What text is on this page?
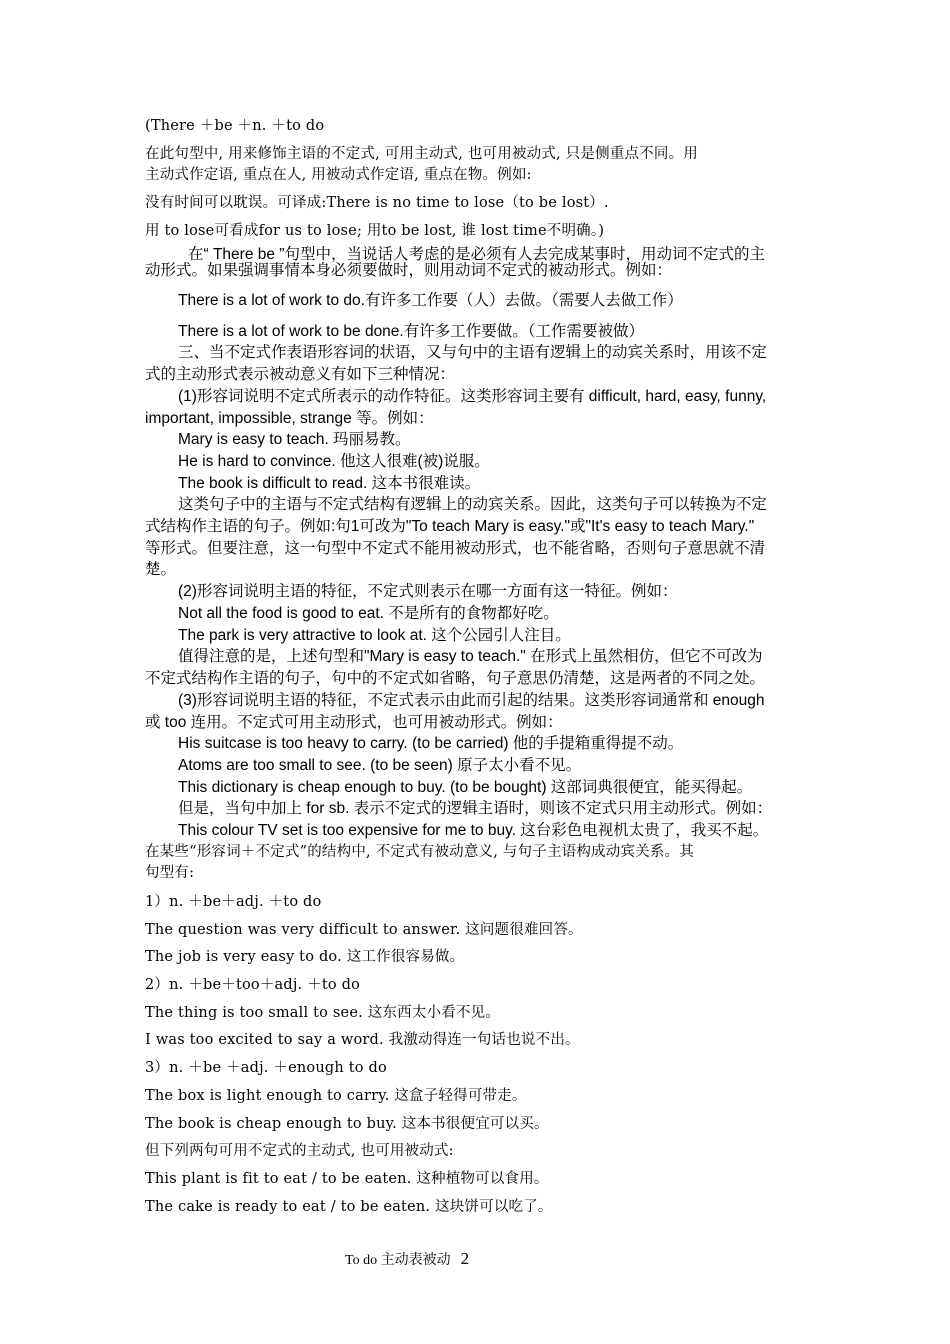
(There ＋be ＋n. ＋to do
在此句型中, 用来修饰主语的不定式, 可用主动式, 也可用被动式, 只是侧重点不同。用
主动式作定语, 重点在人, 用被动式作定语, 重点在物。例如:
没有时间可以耽误。可译成:There is no time to lose（to be lost）.
用 to lose可看成for us to lose; 用to be lost, 谁 lost time不明确。)
在“ There be ”句型中，当说话人考虑的是必须有人去完成某事时，用动词不定式的主
动形式。如果强调事情本身必须要做时，则用动词不定式的被动形式。例如：
There is a lot of work to do.有许多工作要（人）去做。（需要人去做工作）
There is a lot of work to be done.有许多工作要做。（工作需要被做）
三、当不定式作表语形容词的状语，又与句中的主语有逻辑上的动宾关系时，用该不定
式的主动形式表示被动意义有如下三种情况：
(1)形容词说明不定式所表示的动作特征。这类形容词主要有 difficult, hard, easy, funny,
important, impossible, strange 等。例如：
Mary is easy to teach. 玛丽易教。
He is hard to convince. 他这人很难(被)说服。
The book is difficult to read. 这本书很难读。
这类句子中的主语与不定式结构有逻辑上的动宾关系。因此，这类句子可以转换为不定
式结构作主语的句子。例如:句1可改为"To teach Mary is easy."或"It's easy to teach Mary."
等形式。但要注意，这一句型中不定式不能用被动形式，也不能省略，否则句子意思就不清
楚。
(2)形容词说明主语的特征，不定式则表示在哪一方面有这一特征。例如：
Not all the food is good to eat. 不是所有的食物都好吃。
The park is very attractive to look at. 这个公园引人注目。
值得注意的是，上述句型和"Mary is easy to teach." 在形式上虽然相仿，但它不可改为
不定式结构作主语的句子，句中的不定式如省略，句子意思仍清楚，这是两者的不同之处。
(3)形容词说明主语的特征，不定式表示由此而引起的结果。这类形容词通常和 enough
或 too 连用。不定式可用主动形式，也可用被动形式。例如：
His suitcase is too heavy to carry. (to be carried) 他的手提箱重得提不动。
Atoms are too small to see. (to be seen) 原子太小看不见。
This dictionary is cheap enough to buy. (to be bought) 这部词典很便宜，能买得起。
但是，当句中加上 for sb. 表示不定式的逻辑主语时，则该不定式只用主动形式。例如：
This colour TV set is too expensive for me to buy. 这台彩色电视机太贵了，我买不起。
在某些“形容词＋不定式”的结构中, 不定式有被动意义, 与句子主语构成动宾关系。其
句型有:
1）n. ＋be＋adj. ＋to do
The question was very difficult to answer. 这问题很难回答。
The job is very easy to do. 这工作很容易做。
2）n. ＋be＋too＋adj. ＋to do
The thing is too small to see. 这东西太小看不见。
I was too excited to say a word. 我激动得连一句话也说不出。
3）n. ＋be ＋adj. ＋enough to do
The box is light enough to carry. 这盒子轻得可带走。
The book is cheap enough to buy. 这本书很便宜可以买。
但下列两句可用不定式的主动式, 也可用被动式:
This plant is fit to eat / to be eaten. 这种植物可以食用。
The cake is ready to eat / to be eaten. 这块饼可以吃了。
To do 主动表被动 2
